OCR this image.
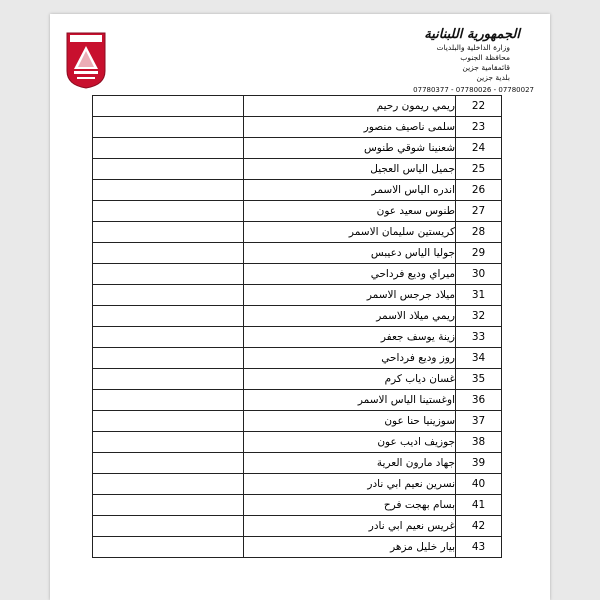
الجمهورية اللبنانية
وزارة الداخلية والبلديات
محافظة الجنوب
قائمقامية جزين
بلدية جزين
07780377 - 07780026 - 07780027
	ريمي ريمون رحيم	22
	سلمى ناصيف منصور	23
	شعنينا شوقي طنوس	24
	جميل الياس العجيل	25
	اندره الياس الاسمر	26
	طنوس سعيد عون	27
	كريستين سليمان الاسمر	28
	جوليا الياس دعيبس	29
	ميراي وديع فرداحي	30
	ميلاد جرجس الاسمر	31
	ريمي ميلاد الاسمر	32
	زينة يوسف جعفر	33
	روز وديع فرداحي	34
	غسان دياب كرم	35
	اوغستينا الياس الاسمر	36
	سوزينيا حنا عون	37
	جوزيف اديب عون	38
	جهاد مارون العرية	39
	نسرين نعيم ابي نادر	40
	بسام بهجت فرح	41
	غريس نعيم ابي نادر	42
	بيار خليل مزهر	43
